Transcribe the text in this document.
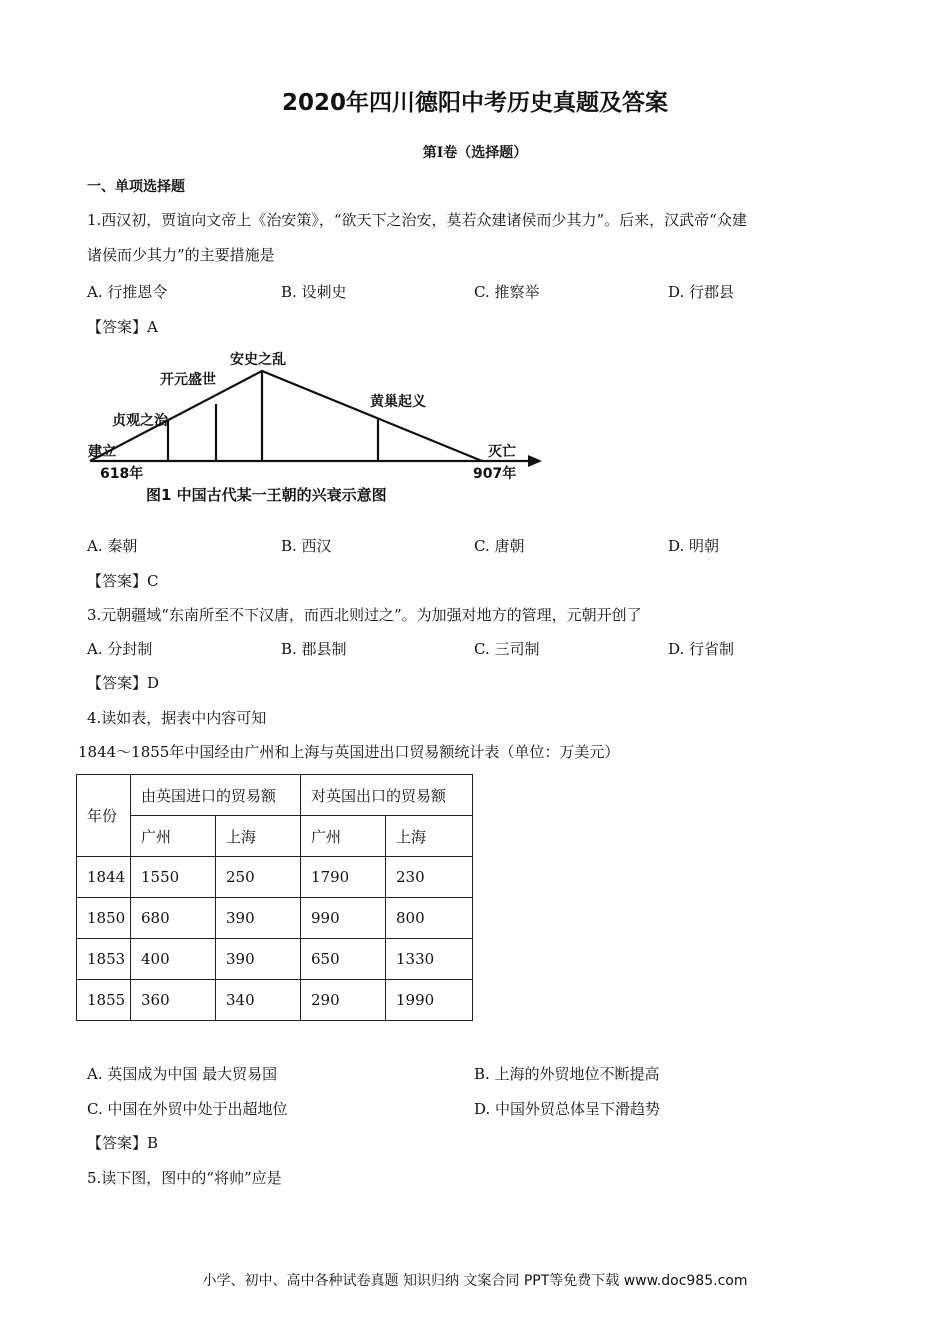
2020年四川德阳中考历史真题及答案
第Ⅰ卷（选择题）
一、单项选择题
1.西汉初，贾谊向文帝上《治安策》，“欲天下之治安，莫若众建诸侯而少其力”。后来，汉武帝“众建
诸侯而少其力”的主要措施是
A. 行推恩令	B. 设刺史	C. 推察举	D. 行郡县
【答案】A
贞观之治
开元盛世
安史之乱
黄巢起义
建立	灭亡
618年	907年
图1 中国古代某一王朝的兴衰示意图
A. 秦朝	B. 西汉	C. 唐朝	D. 明朝
【答案】C
3.元朝疆域“东南所至不下汉唐，而西北则过之”。为加强对地方的管理，元朝开创了
A. 分封制	B. 郡县制	C. 三司制	D. 行省制
【答案】D
4.读如表，据表中内容可知
1844～1855年中国经由广州和上海与英国进出口贸易额统计表（单位：万美元）
年份	由英国进口的贸易额		对英国出口的贸易额	
	广州	上海	广州	上海
1844	1550	250	1790	230
1850	680	390	990	800
1853	400	390	650	1330
1855	360	340	290	1990
A. 英国成为中国 最大贸易国	B. 上海的外贸地位不断提高
C. 中国在外贸中处于出超地位	D. 中国外贸总体呈下滑趋势
【答案】B
5.读下图，图中的“将帅”应是
小学、初中、高中各种试卷真题 知识归纳 文案合同 PPT等免费下载 www.doc985.com
